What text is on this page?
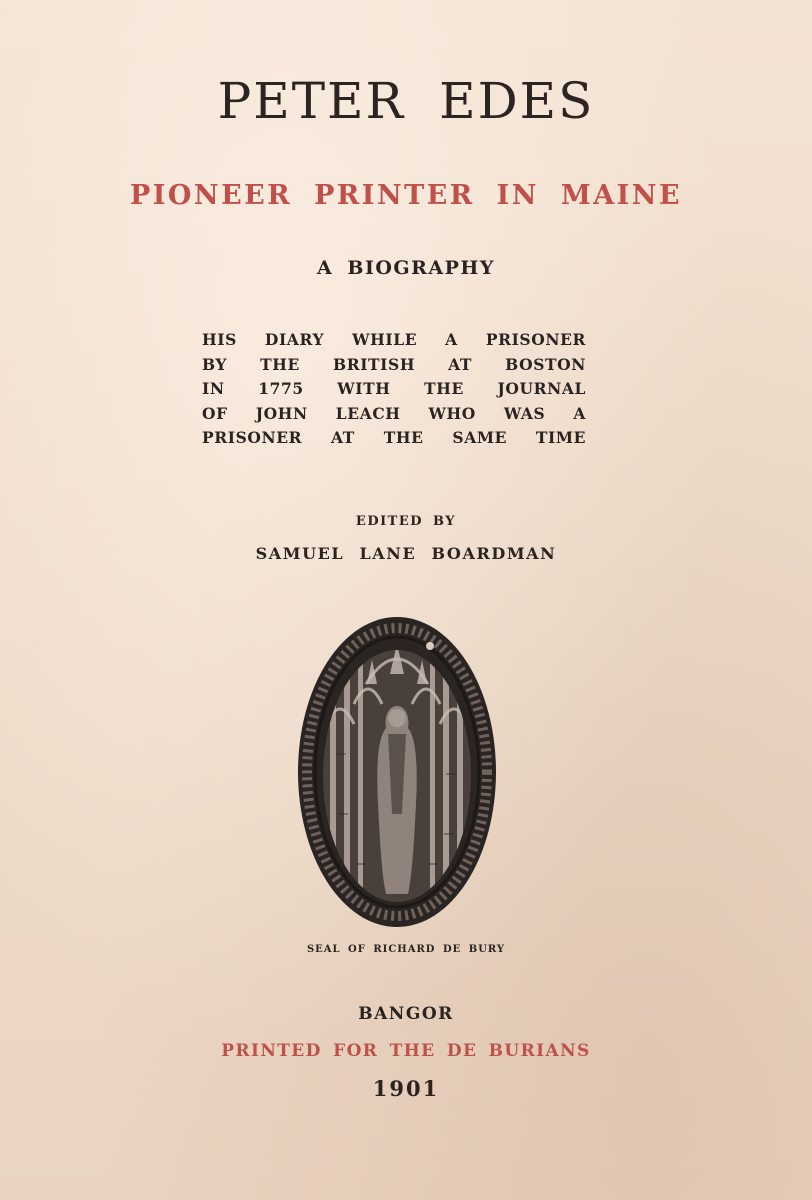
PETER EDES
PIONEER PRINTER IN MAINE
A BIOGRAPHY
HIS DIARY WHILE A PRISONER
BY THE BRITISH AT BOSTON
IN 1775 WITH THE JOURNAL
OF JOHN LEACH WHO WAS A
PRISONER AT THE SAME TIME
EDITED BY
SAMUEL LANE BOARDMAN
SEAL OF RICHARD DE BURY
BANGOR
PRINTED FOR THE DE BURIANS
1901
